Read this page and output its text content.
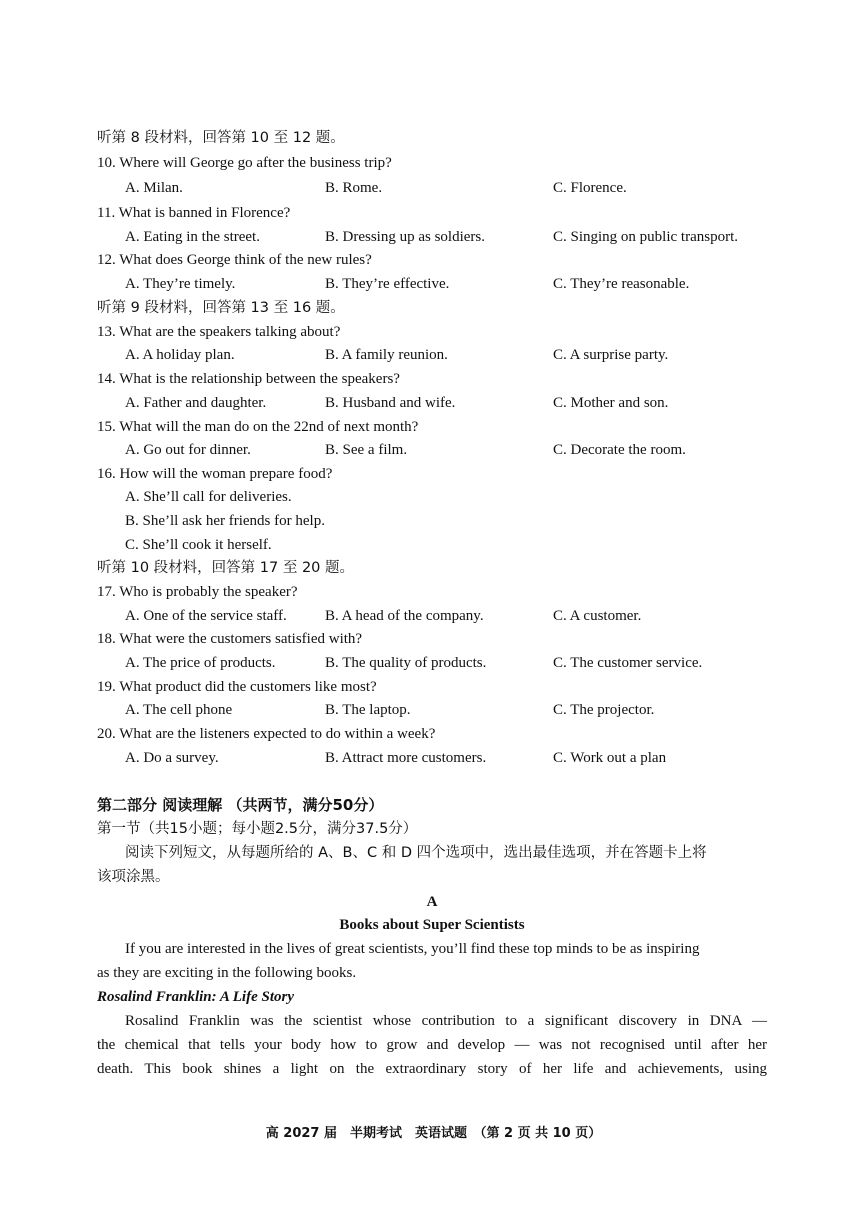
听第 8 段材料，回答第 10 至 12 题。
10. Where will George go after the business trip?
A. Milan.	B. Rome.	C. Florence.
11. What is banned in Florence?
A. Eating in the street.	B. Dressing up as soldiers.	C. Singing on public transport.
12. What does George think of the new rules?
A. They’re timely.	B. They’re effective.	C. They’re reasonable.
听第 9 段材料，回答第 13 至 16 题。
13. What are the speakers talking about?
A. A holiday plan.	B. A family reunion.	C. A surprise party.
14. What is the relationship between the speakers?
A. Father and daughter.	B. Husband and wife.	C. Mother and son.
15. What will the man do on the 22nd of next month?
A. Go out for dinner.	B. See a film.	C. Decorate the room.
16. How will the woman prepare food?
A. She’ll call for deliveries.
B. She’ll ask her friends for help.
C. She’ll cook it herself.
听第 10 段材料，回答第 17 至 20 题。
17. Who is probably the speaker?
A. One of the service staff.	B. A head of the company.	C. A customer.
18. What were the customers satisfied with?
A. The price of products.	B. The quality of products.	C. The customer service.
19. What product did the customers like most?
A. The cell phone	B. The laptop.	C. The projector.
20. What are the listeners expected to do within a week?
A. Do a survey.	B. Attract more customers.	C. Work out a plan
第二部分 阅读理解 （共两节，满分50分）
第一节（共15小题；每小题2.5分，满分37.5分）
阅读下列短文，从每题所给的 A、B、C 和 D 四个选项中，选出最佳选项，并在答题卡上将
该项涂黑。
A
Books about Super Scientists
If you are interested in the lives of great scientists, you’ll find these top minds to be as inspiring
as they are exciting in the following books.
Rosalind Franklin: A Life Story
Rosalind Franklin was the scientist whose contribution to a significant discovery in DNA —
the chemical that tells your body how to grow and develop — was not recognised until after her
death. This book shines a light on the extraordinary story of her life and achievements, using
高 2027 届　半期考试　英语试题　（第 2 页 共 10 页）
